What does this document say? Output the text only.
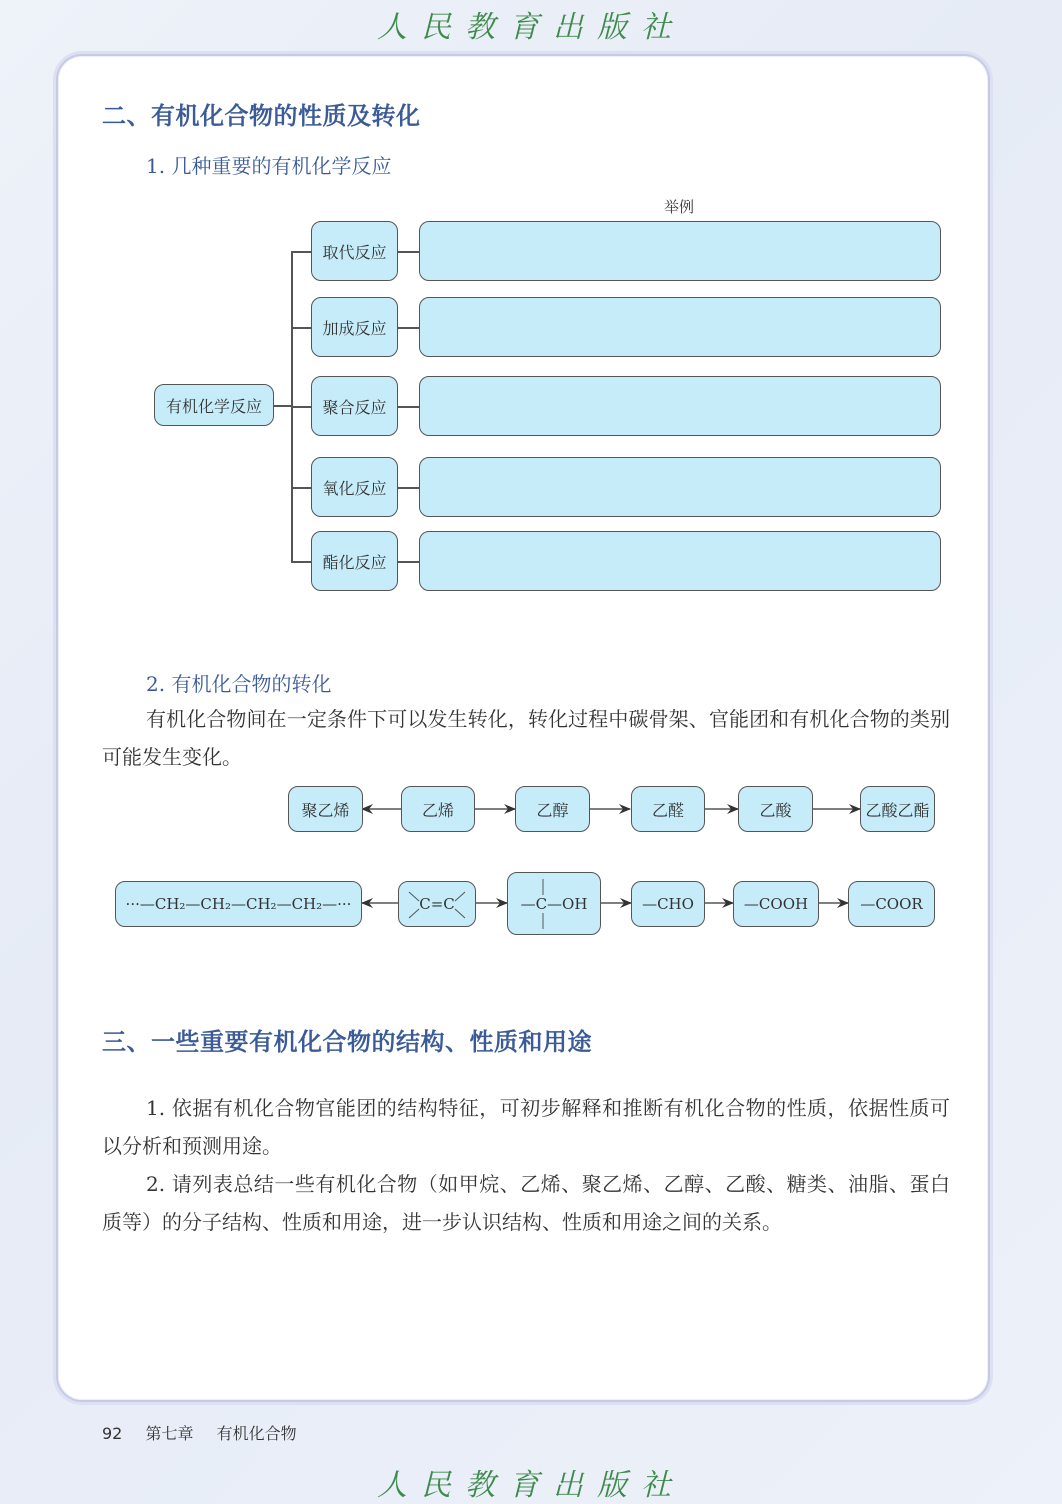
人民教育出版社
二、有机化合物的性质及转化
1. 几种重要的有机化学反应
举例
有机化学反应
取代反应
加成反应
聚合反应
氧化反应
酯化反应
2. 有机化合物的转化
有机化合物间在一定条件下可以发生转化，转化过程中碳骨架、官能团和有机化合物的类别可能发生变化。
聚乙烯	乙烯	乙醇	乙醛	乙酸	乙酸乙酯
···—CH₂—CH₂—CH₂—CH₂—···	C=C	—C—OH	—CHO	—COOH	—COOR
三、一些重要有机化合物的结构、性质和用途
1. 依据有机化合物官能团的结构特征，可初步解释和推断有机化合物的性质，依据性质可以分析和预测用途。
2. 请列表总结一些有机化合物（如甲烷、乙烯、聚乙烯、乙醇、乙酸、糖类、油脂、蛋白质等）的分子结构、性质和用途，进一步认识结构、性质和用途之间的关系。
92 第七章 有机化合物
人民教育出版社
